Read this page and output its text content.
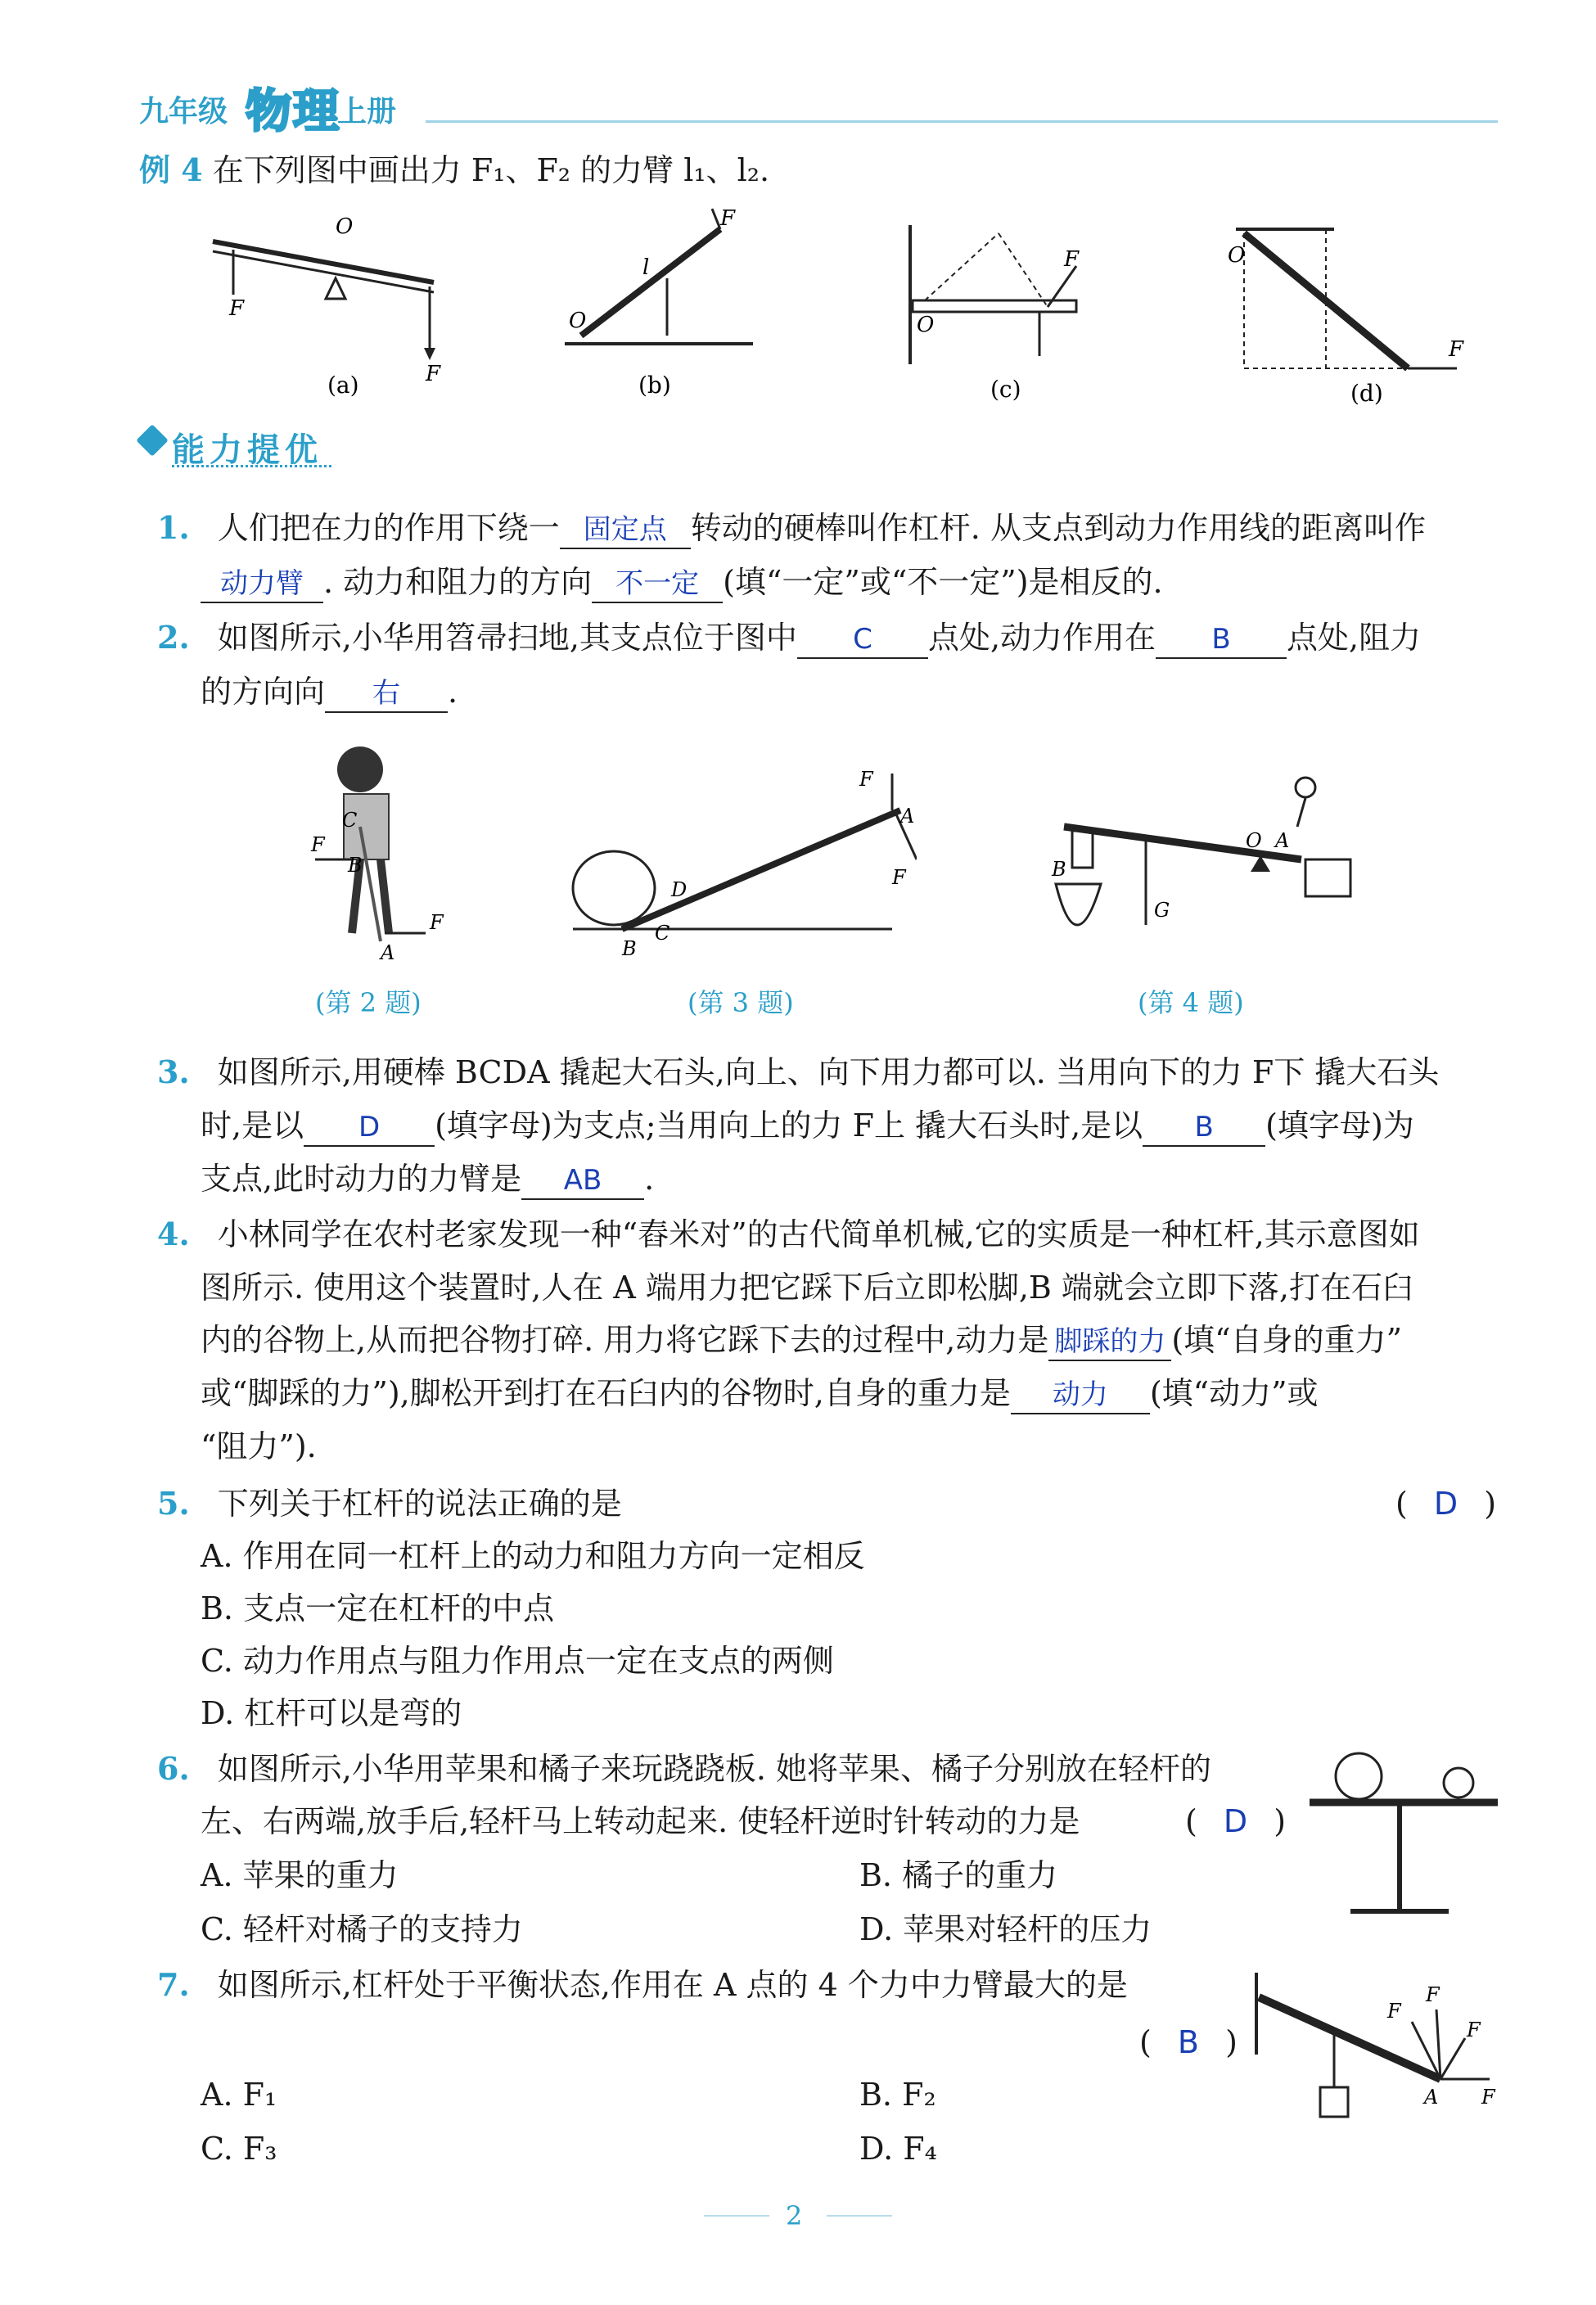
九年级 物理
上册
例 4 在下列图中画出力 F₁、F₂ 的力臂 l₁、l₂.
O
F
F
(a)
O
F
l
(b)
O
F
(c)
O
F
(d)
能力提优
1. 人们把在力的作用下绕一 固定点 转动的硬棒叫作杠杆. 从支点到动力作用线的距离叫作
动力臂 . 动力和阻力的方向 不一定 (填“一定”或“不一定”)是相反的.
2. 如图所示,小华用笤帚扫地,其支点位于图中 C 点处,动力作用在 B 点处,阻力
的方向向 右 .
C
B
A
F
F
B
C
D
A
F
F	B
G
O A
(第 2 题)	(第 3 题)	(第 4 题)
3. 如图所示,用硬棒 BCDA 撬起大石头,向上、向下用力都可以. 当用向下的力 F下 撬大石头
时,是以 D (填字母)为支点;当用向上的力 F上 撬大石头时,是以 B (填字母)为
支点,此时动力的力臂是 AB .
4. 小林同学在农村老家发现一种“舂米对”的古代简单机械,它的实质是一种杠杆,其示意图如
图所示. 使用这个装置时,人在 A 端用力把它踩下后立即松脚,B 端就会立即下落,打在石臼
内的谷物上,从而把谷物打碎. 用力将它踩下去的过程中,动力是 脚踩的力 (填“自身的重力”
或“脚踩的力”),脚松开到打在石臼内的谷物时,自身的重力是 动力 (填“动力”或
“阻力”).
5. 下列关于杠杆的说法正确的是	( D )
A. 作用在同一杠杆上的动力和阻力方向一定相反
B. 支点一定在杠杆的中点
C. 动力作用点与阻力作用点一定在支点的两侧
D. 杠杆可以是弯的
6. 如图所示,小华用苹果和橘子来玩跷跷板. 她将苹果、橘子分别放在轻杆的
左、右两端,放手后,轻杆马上转动起来. 使轻杆逆时针转动的力是	( D )
A. 苹果的重力	B. 橘子的重力
C. 轻杆对橘子的支持力	D. 苹果对轻杆的压力
7. 如图所示,杠杆处于平衡状态,作用在 A 点的 4 个力中力臂最大的是
( B )
A. F₁	B. F₂
C. F₃	D. F₄
A F
F
F
F
2
